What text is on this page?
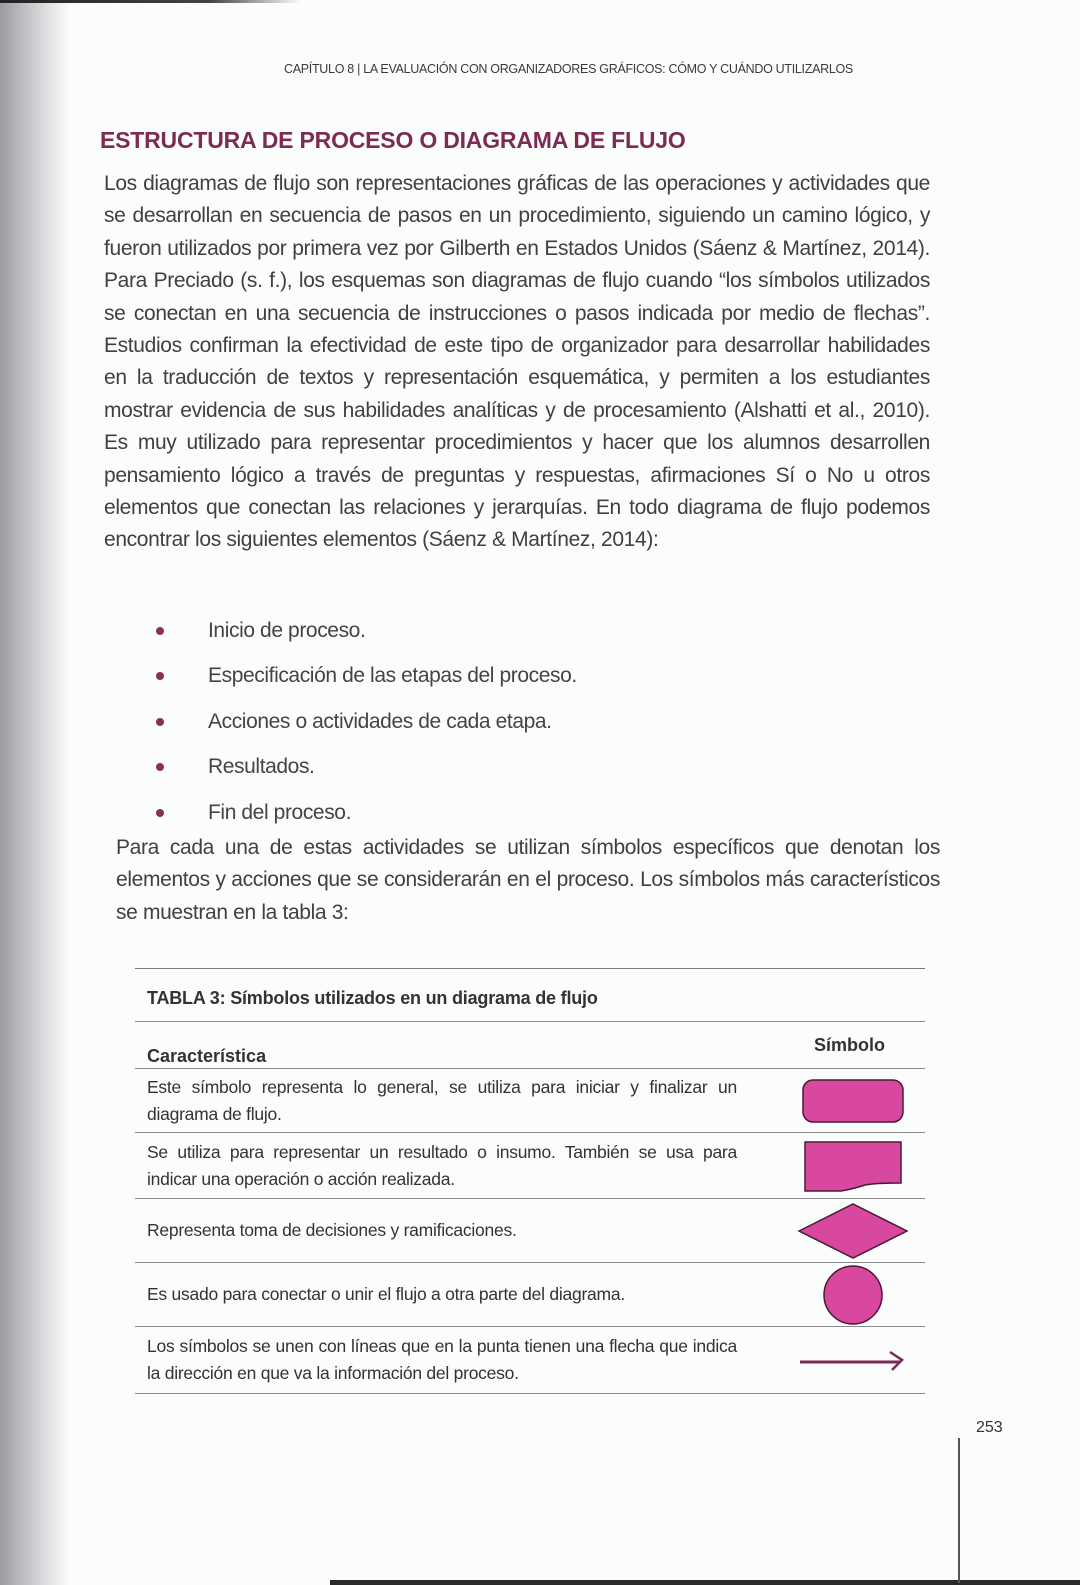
CAPÍTULO 8 | LA EVALUACIÓN CON ORGANIZADORES GRÁFICOS: CÓMO Y CUÁNDO UTILIZARLOS
ESTRUCTURA DE PROCESO O DIAGRAMA DE FLUJO

Los diagramas de flujo son representaciones gráficas de las operaciones y actividades que se desarrollan en secuencia de pasos en un procedimiento, siguiendo un camino lógico, y fueron utilizados por primera vez por Gilberth en Estados Unidos (Sáenz & Martínez, 2014). Para Preciado (s. f.), los esquemas son diagramas de flujo cuando “los símbolos utilizados se conectan en una secuencia de instrucciones o pasos indicada por medio de flechas”. Estudios confirman la efectividad de este tipo de organizador para desarrollar habilidades en la traducción de textos y representación esquemática, y permiten a los estudiantes mostrar evidencia de sus habilidades analíticas y de procesamiento (Alshatti et al., 2010). Es muy utilizado para representar procedimientos y hacer que los alumnos desarrollen pensamiento lógico a través de preguntas y respuestas, afirmaciones Sí o No u otros elementos que conectan las relaciones y jerarquías. En todo diagrama de flujo podemos encontrar los siguientes elementos (Sáenz & Martínez, 2014):

Inicio de proceso.
Especificación de las etapas del proceso.
Acciones o actividades de cada etapa.
Resultados.
Fin del proceso.

Para cada una de estas actividades se utilizan símbolos específicos que denotan los elementos y acciones que se considerarán en el proceso. Los símbolos más característicos se muestran en la tabla 3:

TABLA 3: Símbolos utilizados en un diagrama de flujo
Característica
Símbolo
Este símbolo representa lo general, se utiliza para iniciar y finalizar un diagrama de flujo.
Se utiliza para representar un resultado o insumo. También se usa para indicar una operación o acción realizada.
Representa toma de decisiones y ramificaciones.
Es usado para conectar o unir el flujo a otra parte del diagrama.
Los símbolos se unen con líneas que en la punta tienen una flecha que indica la dirección en que va la información del proceso.
253
